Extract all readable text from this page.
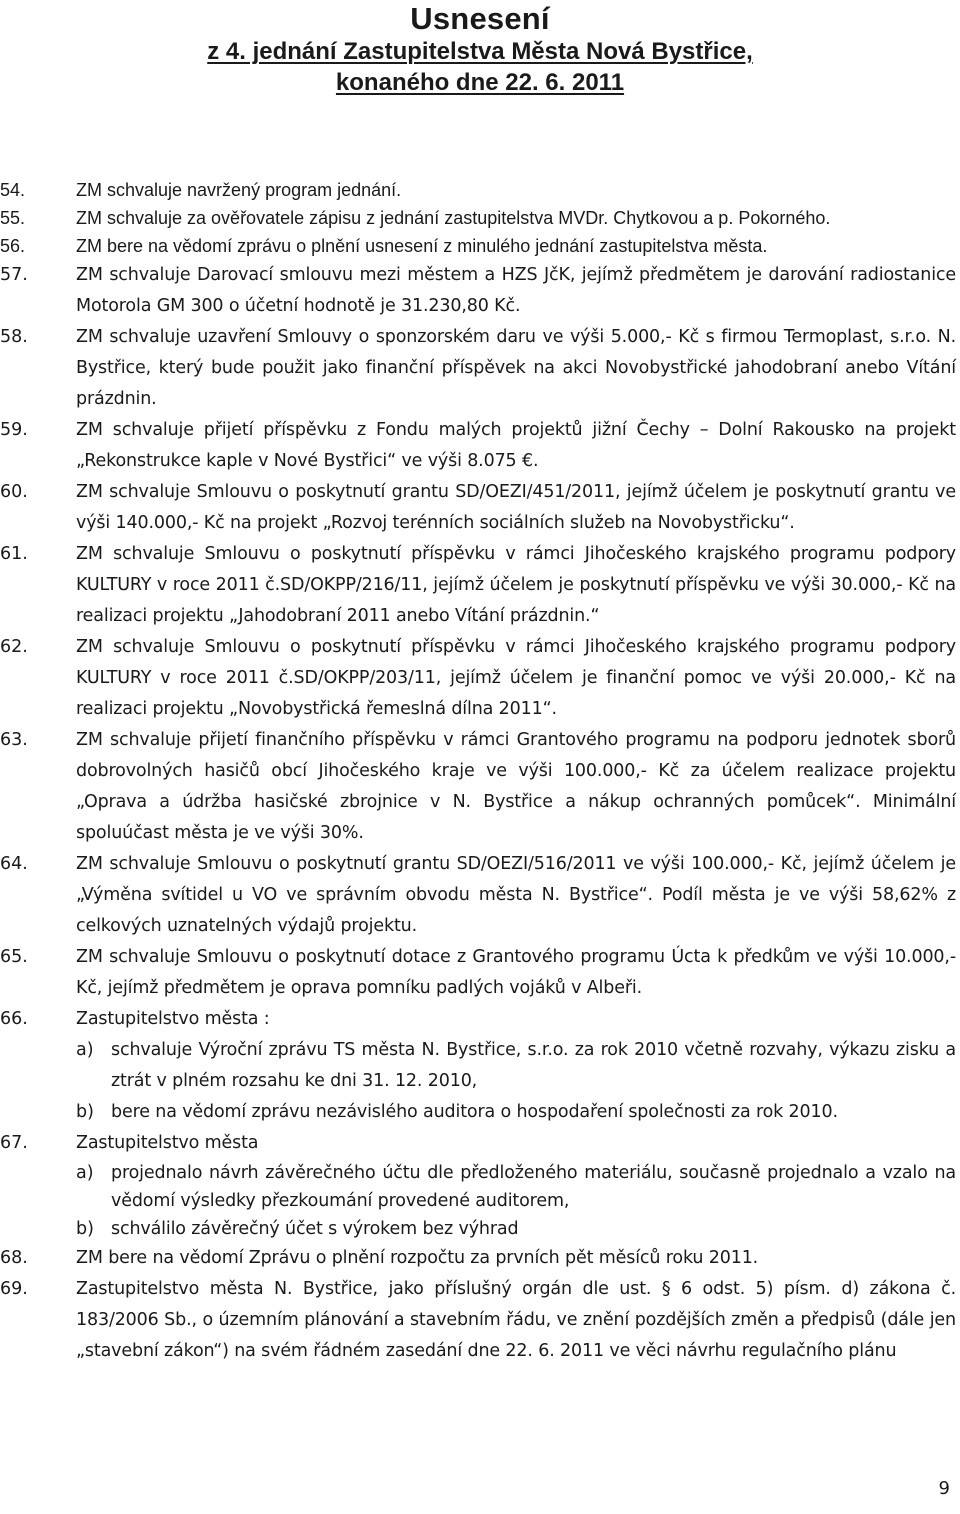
Usnesení
z 4. jednání Zastupitelstva Města Nová Bystřice,
konaného dne 22. 6. 2011
54.	ZM schvaluje navržený program jednání.
55.	ZM schvaluje za ověřovatele zápisu z jednání zastupitelstva MVDr. Chytkovou a p. Pokorného.
56.	ZM bere na vědomí zprávu o plnění usnesení z minulého jednání zastupitelstva města.
57.	ZM schvaluje Darovací smlouvu mezi městem a HZS JčK, jejímž předmětem je darování radiostanice Motorola GM 300 o účetní hodnotě je 31.230,80 Kč.
58.	ZM schvaluje uzavření Smlouvy o sponzorském daru ve výši 5.000,- Kč s firmou Termoplast, s.r.o. N. Bystřice, který bude použit jako finanční příspěvek na akci Novobystřické jahodobraní anebo Vítání prázdnin.
59.	ZM schvaluje přijetí příspěvku z Fondu malých projektů jižní Čechy – Dolní Rakousko na projekt „Rekonstrukce kaple v Nové Bystřici“ ve výši 8.075 €.
60.	ZM schvaluje Smlouvu o poskytnutí grantu SD/OEZI/451/2011, jejímž účelem je poskytnutí grantu ve výši 140.000,- Kč na projekt „Rozvoj terénních sociálních služeb na Novobystřicku“.
61.	ZM schvaluje Smlouvu o poskytnutí příspěvku v rámci Jihočeského krajského programu podpory KULTURY v roce 2011 č.SD/OKPP/216/11, jejímž účelem je poskytnutí příspěvku ve výši 30.000,- Kč na realizaci projektu „Jahodobraní 2011 anebo Vítání prázdnin.“
62.	ZM schvaluje Smlouvu o poskytnutí příspěvku v rámci Jihočeského krajského programu podpory KULTURY v roce 2011 č.SD/OKPP/203/11, jejímž účelem je finanční pomoc ve výši 20.000,- Kč na realizaci projektu „Novobystřická řemeslná dílna 2011“.
63.	ZM schvaluje přijetí finančního příspěvku v rámci Grantového programu na podporu jednotek sborů dobrovolných hasičů obcí Jihočeského kraje ve výši 100.000,- Kč za účelem realizace projektu „Oprava a údržba hasičské zbrojnice v N. Bystřice a nákup ochranných pomůcek“. Minimální spoluúčast města je ve výši 30%.
64.	ZM schvaluje Smlouvu o poskytnutí grantu SD/OEZI/516/2011 ve výši 100.000,- Kč, jejímž účelem je „Výměna svítidel u VO ve správním obvodu města N. Bystřice“. Podíl města je ve výši 58,62% z celkových uznatelných výdajů projektu.
65.	ZM schvaluje Smlouvu o poskytnutí dotace z Grantového programu Úcta k předkům ve výši 10.000,- Kč, jejímž předmětem je oprava pomníku padlých vojáků v Albeři.
66.	Zastupitelstvo města :
a) schvaluje Výroční zprávu TS města N. Bystřice, s.r.o. za rok 2010 včetně rozvahy, výkazu zisku a ztrát v plném rozsahu ke dni 31. 12. 2010,
b) bere na vědomí zprávu nezávislého auditora o hospodaření společnosti za rok 2010.
67.	Zastupitelstvo města
a) projednalo návrh závěrečného účtu dle předloženého materiálu, současně projednalo a vzalo na vědomí výsledky přezkoumání provedené auditorem,
b) schválilo závěrečný účet s výrokem bez výhrad
68.	ZM bere na vědomí Zprávu o plnění rozpočtu za prvních pět měsíců roku 2011.
69.	Zastupitelstvo města N. Bystřice, jako příslušný orgán dle ust. § 6 odst. 5) písm. d) zákona č. 183/2006 Sb., o územním plánování a stavebním řádu, ve znění pozdějších změn a předpisů (dále jen „stavební zákon“) na svém řádném zasedání dne 22. 6. 2011 ve věci návrhu regulačního plánu
9
